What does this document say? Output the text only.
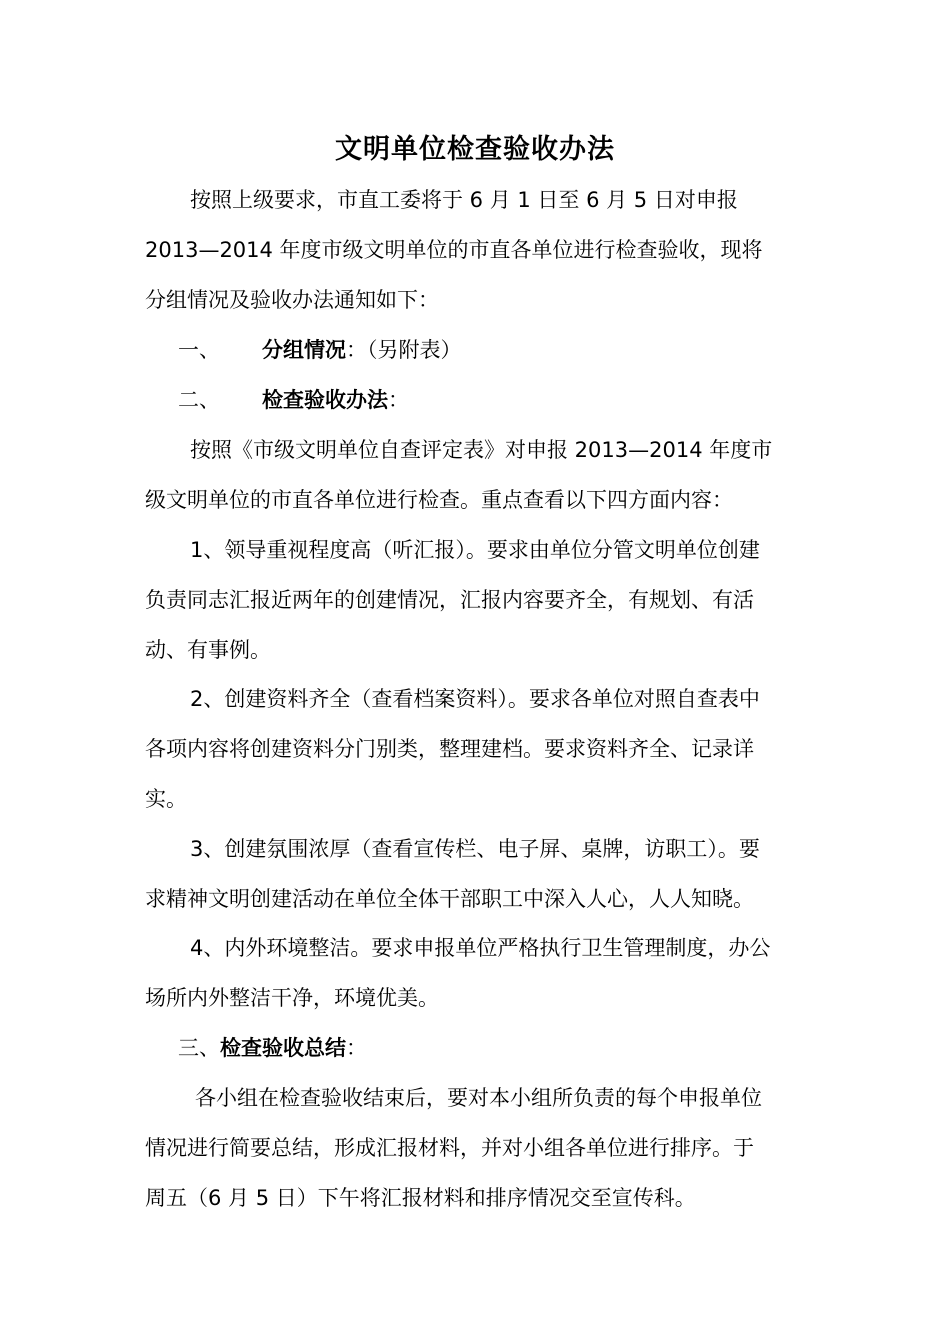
文明单位检查验收办法
按照上级要求，市直工委将于 6 月 1 日至 6 月 5 日对申报
2013—2014 年度市级文明单位的市直各单位进行检查验收，现将
分组情况及验收办法通知如下：
一、 分组情况：（另附表）
二、 检查验收办法：
按照《市级文明单位自查评定表》对申报 2013—2014 年度市
级文明单位的市直各单位进行检查。重点查看以下四方面内容：
1、领导重视程度高（听汇报）。要求由单位分管文明单位创建
负责同志汇报近两年的创建情况，汇报内容要齐全，有规划、有活
动、有事例。
2、创建资料齐全（查看档案资料）。要求各单位对照自查表中
各项内容将创建资料分门别类，整理建档。要求资料齐全、记录详
实。
3、创建氛围浓厚（查看宣传栏、电子屏、桌牌，访职工）。要
求精神文明创建活动在单位全体干部职工中深入人心，人人知晓。
4、内外环境整洁。要求申报单位严格执行卫生管理制度，办公
场所内外整洁干净，环境优美。
三、检查验收总结：
各小组在检查验收结束后，要对本小组所负责的每个申报单位
情况进行简要总结，形成汇报材料，并对小组各单位进行排序。于
周五（6 月 5 日）下午将汇报材料和排序情况交至宣传科。
